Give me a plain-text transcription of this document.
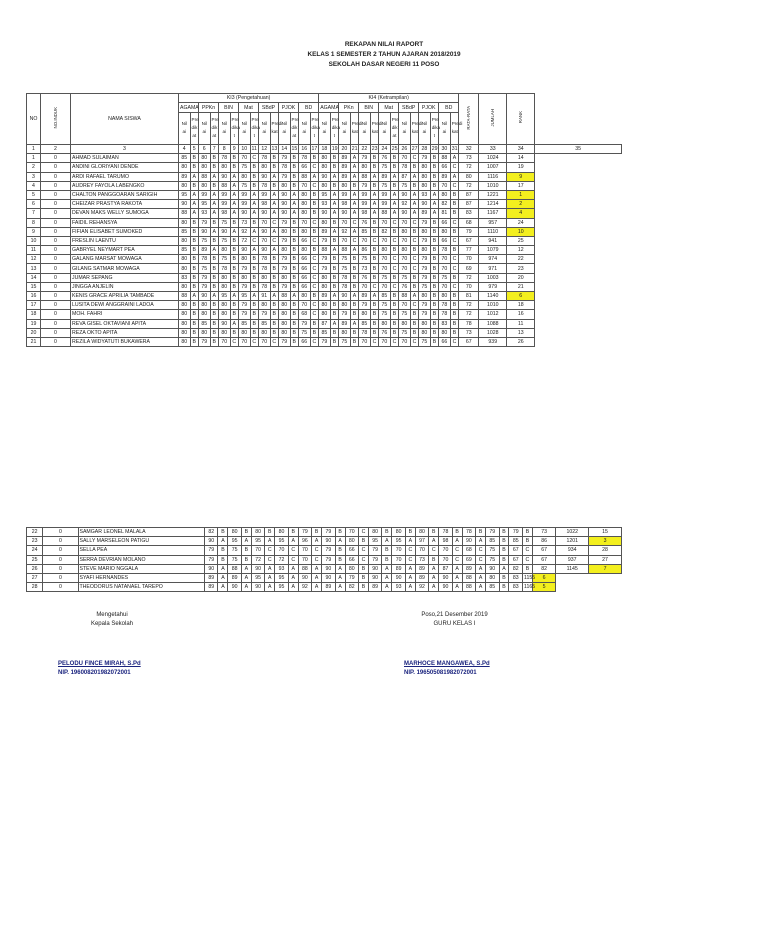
REKAPAN NILAI RAPORT
KELAS 1 SEMESTER 2 TAHUN AJARAN 2018/2019
SEKOLAH DASAR NEGERI 11 POSO
NO	NO.INDUK	NAMA SISWA	KI3 (Pengetahuan)														KI4 (Ketrampilan)														RATA-RATA	JUMLAH	RANK	
			AGAMA		PPKn		BIN		Mat		SBdP		PJOK		BD		AGAMA		PKn		BIN		Mat		SBdP		PJOK		BD					
			Nil ai	Pre dik at	Nil ai	Pre dik at	Nil ai	Pre dika t	Nil ai	Pre dika t	Nil ai	Predi kat	Nil ai	Pre dik at	Nil ai	Pre dika t	Nil ai	Pre dika t	Nil ai	Predi kat	Nil ai	Predi kat	Nil ai	Pre dik at	Nil ai	Predi kat	Nil ai	Pre dika t	Nil ai	Predi kat				
1	2	3	4	5	6	7	8	9	10	11	12	13	14	15	16	17	18	19	20	21	22	23	24	25	26	27	28	29	30	31	32	33	34	35
1	0	AHMAD SULAIMAN	85	B	80	B	78	B	70	C	78	B	79	B	78	B	80	B	89	A	79	B	76	B	70	C	79	B	88	A	73	1024	14	
2	0	ANDINI GLORIYANI DENDE	80	B	80	B	80	B	75	B	80	B	78	B	66	C	80	B	89	A	80	B	75	B	78	B	80	B	66	C	72	1007	19	
3	0	ARDI RAFAEL TARUMO	89	A	88	A	90	A	80	B	90	A	79	B	88	A	90	A	89	A	88	A	89	A	87	A	80	B	89	A	80	1116	9	
4	0	AUDREY FAYOLA LABENGKO	80	B	80	B	88	A	75	B	78	B	80	B	70	C	80	B	80	B	79	B	75	B	75	B	80	B	70	C	72	1010	17	
5	0	CHALTON PANGGOARAN SARIGIH	95	A	99	A	99	A	99	A	99	A	90	A	80	B	95	A	99	A	99	A	99	A	90	A	93	A	80	B	87	1221	1	
6	0	CHEIZAR PRASTYA RAKOTA	90	A	95	A	99	A	99	A	98	A	90	A	80	B	93	A	98	A	99	A	99	A	92	A	90	A	82	B	87	1214	2	
7	0	DEVAN MAKS WELLY SUMOGA	88	A	93	A	98	A	90	A	90	A	90	A	80	B	90	A	90	A	98	A	88	A	90	A	89	A	81	B	83	1167	4	
8	0	FAIDIL REHANSYA	80	B	79	B	75	B	73	B	70	C	79	B	70	C	80	B	70	C	76	B	70	C	70	C	79	B	66	C	68	957	24	
9	0	FIFIAN ELISABET SUMOKED	85	B	90	A	90	A	92	A	90	A	80	B	80	B	89	A	92	A	85	B	82	B	80	B	80	B	80	B	79	1110	10	
10	0	FRESLIN LAENTU	80	B	75	B	75	B	72	C	70	C	79	B	66	C	79	B	70	C	70	C	70	C	70	C	79	B	66	C	67	941	25	
11	0	GABRYEL NEYMART PEA	85	B	89	A	80	B	90	A	90	A	80	B	80	B	88	A	88	A	86	B	80	B	80	B	80	B	78	B	77	1079	12	
12	0	GALANG MARSAT MOWAGA	80	B	78	B	75	B	80	B	78	B	79	B	66	C	79	B	75	B	75	B	70	C	70	C	79	B	70	C	70	974	22	
13	0	GILANG SATMAR MOWAGA	80	B	75	B	78	B	79	B	78	B	79	B	66	C	79	B	75	B	73	B	70	C	70	C	79	B	70	C	69	971	23	
14	0	JUMAR SEPANG	83	B	79	B	80	B	80	B	80	B	80	B	66	C	80	B	78	B	76	B	75	B	75	B	79	B	75	B	72	1003	20	
15	0	JINGGA ANJELIN	80	B	79	B	80	B	79	B	78	B	79	B	66	C	80	B	78	B	70	C	70	C	76	B	75	B	70	C	70	979	21	
16	0	KENIS GRACE APRILIA TAMBADE	88	A	90	A	95	A	95	A	91	A	88	A	80	B	89	A	90	A	89	A	85	B	88	A	80	B	80	B	81	1140	6	
17	0	LUSITA DEWI ANGGRAINI LADOA	80	B	80	B	80	B	79	B	80	B	80	B	70	C	80	B	80	B	79	B	75	B	70	C	79	B	78	B	72	1010	18	
18	0	MOH. FAHRI	80	B	80	B	80	B	79	B	79	B	80	B	68	C	80	B	79	B	80	B	75	B	75	B	79	B	78	B	72	1012	16	
19	0	REVA GISEL OKTAVIANI APITA	80	B	85	B	90	A	85	B	85	B	80	B	79	B	87	A	89	A	85	B	80	B	80	B	80	B	83	B	78	1088	11	
20	0	REZA OKTO APITA	80	B	80	B	80	B	80	B	80	B	80	B	75	B	85	B	80	B	78	B	76	B	75	B	80	B	80	B	73	1028	13	
21	0	REZILA WIDYATUTI BUKAWERA	80	B	79	B	70	C	70	C	70	C	79	B	66	C	79	B	75	B	70	C	70	C	70	C	75	B	66	C	67	939	26	
22	0	SAMGAR LEONEL MALALA	82	B	80	B	80	B	80	B	79	B	79	B	70	C	80	B	80	B	80	B	78	B	78	B	79	B	79	B	73	1022	15
23	0	SALLY MARSELEON PATIGU	90	A	95	A	95	A	95	A	96	A	90	A	80	B	95	A	95	A	97	A	98	A	90	A	85	B	85	B	86	1201	3
24	0	SELLA PEA	79	B	75	B	70	C	70	C	70	C	79	B	66	C	79	B	70	C	70	C	70	C	68	C	75	B	67	C	67	934	28
25	0	SERRA DEVRIAN MOLANO	79	B	75	B	72	C	72	C	70	C	79	B	66	C	79	B	70	C	73	B	70	C	69	C	75	B	67	C	67	937	27
26	0	STEVE MARIO NGGALA	90	A	88	A	90	A	93	A	88	A	90	A	80	B	90	A	89	A	89	A	87	A	89	A	90	A	82	B	82	1145	7
27	0	SYAFI HERNANDES	89	A	89	A	95	A	95	A	90	A	90	A	79	B	90	A	90	A	89	A	90	A	88	A	80	B	83	1155	6		
28	0	THEODORUS NATANAEL TAREPO	89	A	90	A	90	A	95	A	92	A	89	A	82	B	89	A	93	A	92	A	90	A	88	A	85	B	83	1165	5		
Mengetahui
Kepala Sekolah
PELODU FINCE MIRAH, S.Pd
NIP. 196008201982072001
Poso,21 Desember 2019
GURU KELAS I
MARHOCE MANGAWEA, S.Pd
NIP. 196505081982072001
